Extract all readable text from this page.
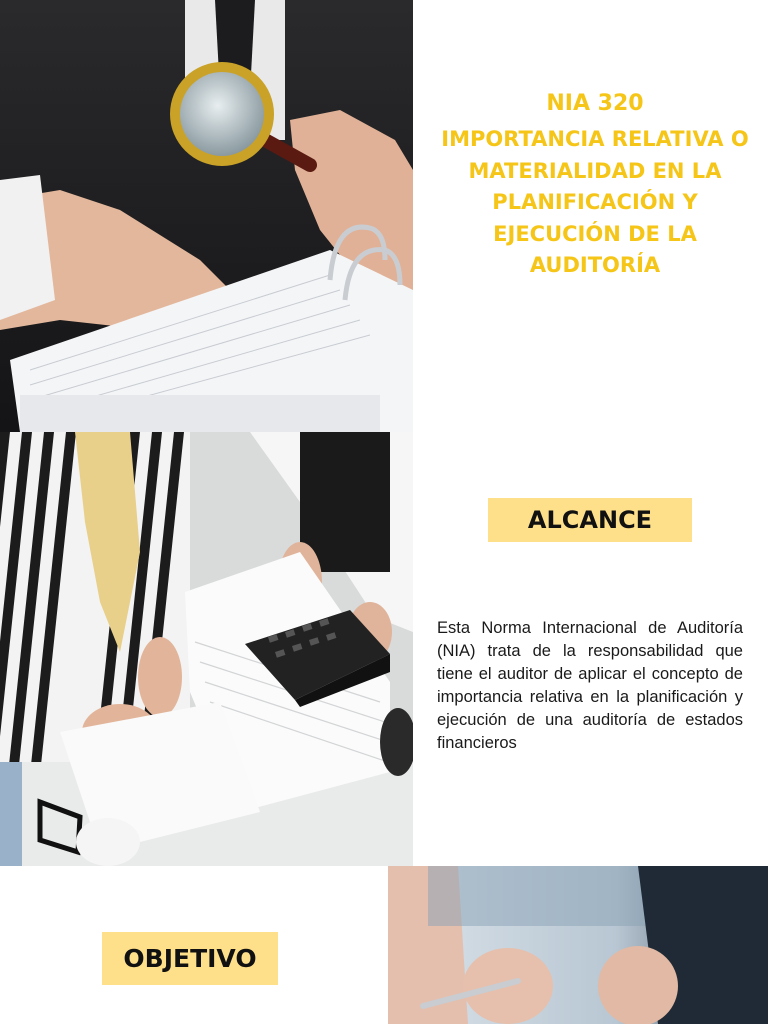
NIA 320
IMPORTANCIA RELATIVA O MATERIALIDAD EN LA PLANIFICACIÓN Y EJECUCIÓN DE LA AUDITORÍA
ALCANCE
Esta Norma Internacional de Auditoría (NIA) trata de la responsabilidad que tiene el auditor de aplicar el concepto de importancia relativa en la planificación y ejecución de una auditoría de estados financieros
OBJETIVO
